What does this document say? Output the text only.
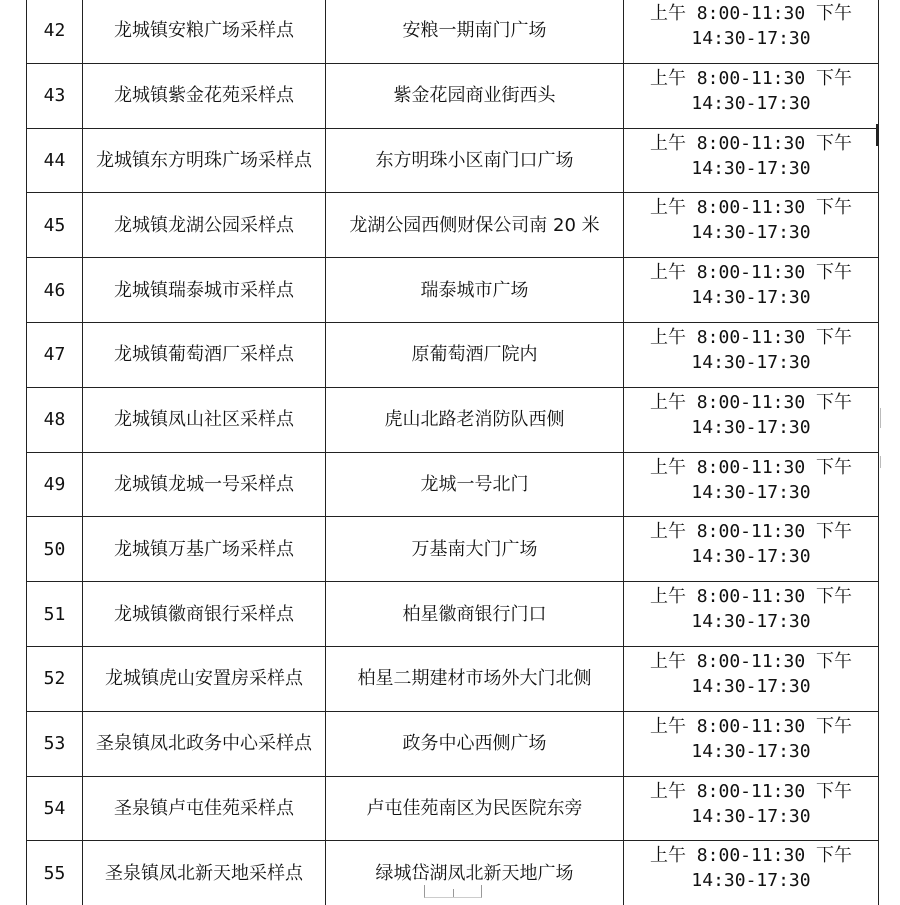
42	龙城镇安粮广场采样点	安粮一期南门广场	上午 8:00-11:30 下午
14:30-17:30

43	龙城镇紫金花苑采样点	紫金花园商业街西头	上午 8:00-11:30 下午
14:30-17:30

44	龙城镇东方明珠广场采样点	东方明珠小区南门口广场	上午 8:00-11:30 下午
14:30-17:30

45	龙城镇龙湖公园采样点	龙湖公园西侧财保公司南 20 米	上午 8:00-11:30 下午
14:30-17:30

46	龙城镇瑞泰城市采样点	瑞泰城市广场	上午 8:00-11:30 下午
14:30-17:30

47	龙城镇葡萄酒厂采样点	原葡萄酒厂院内	上午 8:00-11:30 下午
14:30-17:30

48	龙城镇凤山社区采样点	虎山北路老消防队西侧	上午 8:00-11:30 下午
14:30-17:30

49	龙城镇龙城一号采样点	龙城一号北门	上午 8:00-11:30 下午
14:30-17:30

50	龙城镇万基广场采样点	万基南大门广场	上午 8:00-11:30 下午
14:30-17:30

51	龙城镇徽商银行采样点	柏星徽商银行门口	上午 8:00-11:30 下午
14:30-17:30

52	龙城镇虎山安置房采样点	柏星二期建材市场外大门北侧	上午 8:00-11:30 下午
14:30-17:30

53	圣泉镇凤北政务中心采样点	政务中心西侧广场	上午 8:00-11:30 下午
14:30-17:30

54	圣泉镇卢屯佳苑采样点	卢屯佳苑南区为民医院东旁	上午 8:00-11:30 下午
14:30-17:30

55	圣泉镇凤北新天地采样点	绿城岱湖凤北新天地广场	上午 8:00-11:30 下午
14:30-17:30
